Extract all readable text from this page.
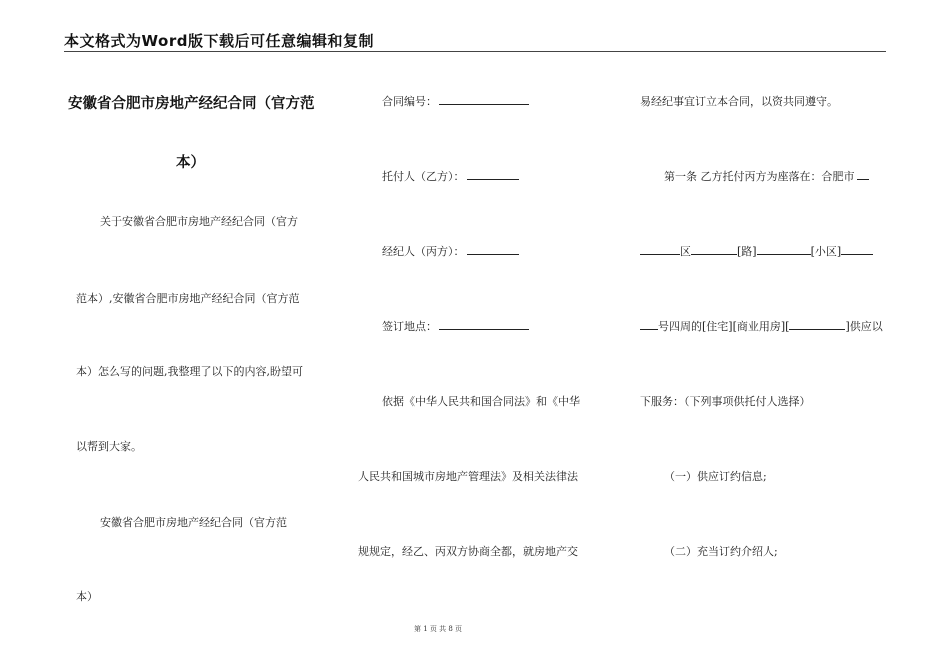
本文格式为Word版下载后可任意编辑和复制
安徽省合肥市房地产经纪合同（官方范
本）
关于安徽省合肥市房地产经纪合同（官方
范本）,安徽省合肥市房地产经纪合同（官方范
本）怎么写的问题,我整理了以下的内容,盼望可
以帮到大家。
安徽省合肥市房地产经纪合同（官方范
本）
合同编号：
托付人（乙方）：
经纪人（丙方）：
签订地点：
依据《中华人民共和国合同法》和《中华
人民共和国城市房地产管理法》及相关法律法
规规定，经乙、丙双方协商全都，就房地产交
易经纪事宜订立本合同，以资共同遵守。
第一条 乙方托付丙方为座落在：合肥市
区	[路]	[小区]
号四周的[住宅][商业用房][	]供应以
下服务：（下列事项供托付人选择）
（一）供应订约信息;
（二）充当订约介绍人;
第 1 页 共 8 页
